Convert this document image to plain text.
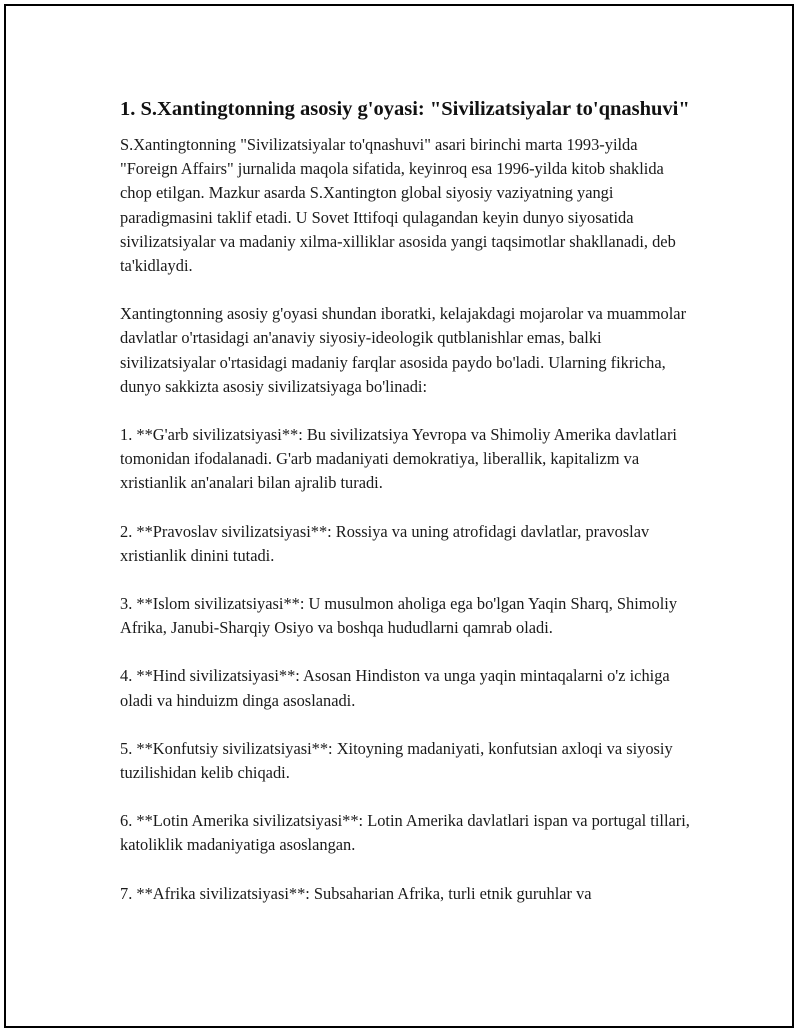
1. S.Xantingtonning asosiy g'oyasi: "Sivilizatsiyalar to'qnashuvi"

S.Xantingtonning "Sivilizatsiyalar to'qnashuvi" asari birinchi marta 1993-yilda "Foreign Affairs" jurnalida maqola sifatida, keyinroq esa 1996-yilda kitob shaklida chop etilgan. Mazkur asarda S.Xantington global siyosiy vaziyatning yangi paradigmasini taklif etadi. U Sovet Ittifoqi qulagandan keyin dunyo siyosatida sivilizatsiyalar va madaniy xilma-xilliklar asosida yangi taqsimotlar shakllanadi, deb ta'kidlaydi.

Xantingtonning asosiy g'oyasi shundan iboratki, kelajakdagi mojarolar va muammolar davlatlar o'rtasidagi an'anaviy siyosiy-ideologik qutblanishlar emas, balki sivilizatsiyalar o'rtasidagi madaniy farqlar asosida paydo bo'ladi. Ularning fikricha, dunyo sakkizta asosiy sivilizatsiyaga bo'linadi:

1. **G'arb sivilizatsiyasi**: Bu sivilizatsiya Yevropa va Shimoliy Amerika davlatlari tomonidan ifodalanadi. G'arb madaniyati demokratiya, liberallik, kapitalizm va xristianlik an'analari bilan ajralib turadi.

2. **Pravoslav sivilizatsiyasi**: Rossiya va uning atrofidagi davlatlar, pravoslav xristianlik dinini tutadi.

3. **Islom sivilizatsiyasi**: U musulmon aholiga ega bo'lgan Yaqin Sharq, Shimoliy Afrika, Janubi-Sharqiy Osiyo va boshqa hududlarni qamrab oladi.

4. **Hind sivilizatsiyasi**: Asosan Hindiston va unga yaqin mintaqalarni o'z ichiga oladi va hinduizm dinga asoslanadi.

5. **Konfutsiy sivilizatsiyasi**: Xitoyning madaniyati, konfutsian axloqi va siyosiy tuzilishidan kelib chiqadi.

6. **Lotin Amerika sivilizatsiyasi**: Lotin Amerika davlatlari ispan va portugal tillari, katoliklik madaniyatiga asoslangan.

7. **Afrika sivilizatsiyasi**: Subsaharian Afrika, turli etnik guruhlar va
